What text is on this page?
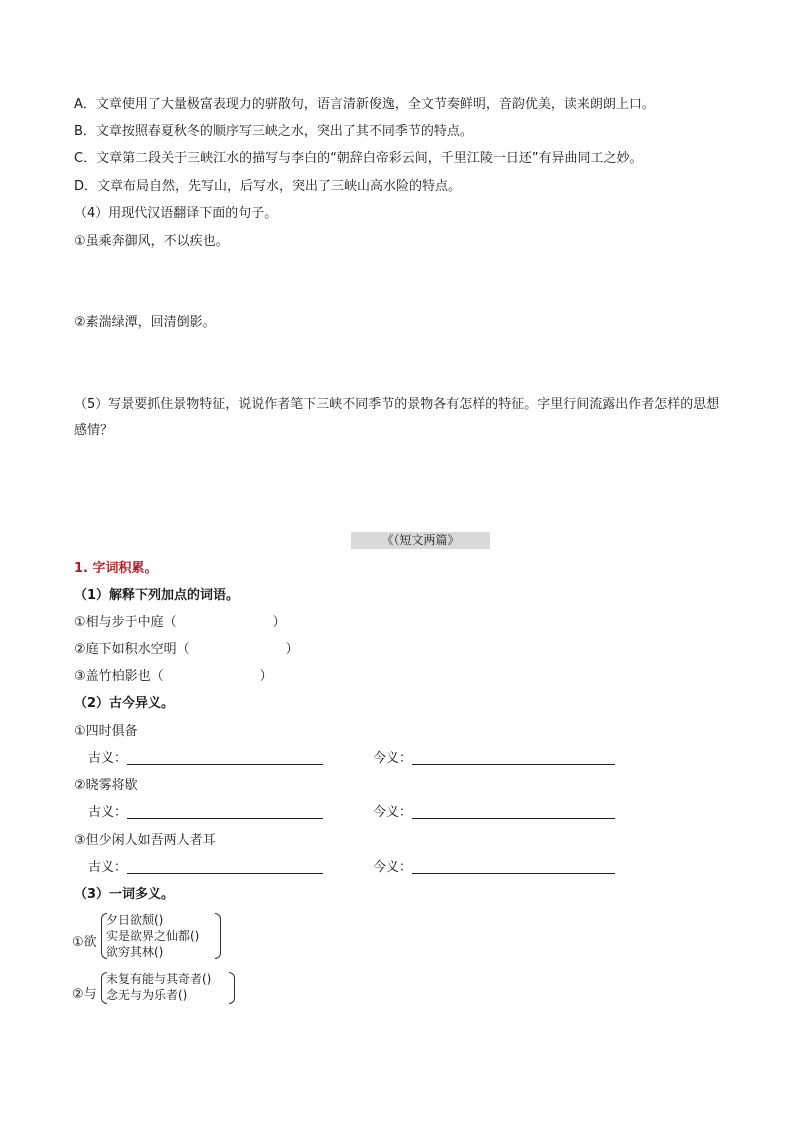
A．文章使用了大量极富表现力的骈散句，语言清新俊逸，全文节奏鲜明，音韵优美，读来朗朗上口。
B．文章按照春夏秋冬的顺序写三峡之水，突出了其不同季节的特点。
C．文章第二段关于三峡江水的描写与李白的“朝辞白帝彩云间，千里江陵一日还”有异曲同工之妙。
D．文章布局自然，先写山，后写水，突出了三峡山高水险的特点。
（4）用现代汉语翻译下面的句子。
①虽乘奔御风，不以疾也。
②素湍绿潭，回清倒影。
（5）写景要抓住景物特征，说说作者笔下三峡不同季节的景物各有怎样的特征。字里行间流露出作者怎样的思想感情？
《（短文两篇》
1. 字词积累。
（1）解释下列加点的词语。
①相与步于中庭（	）
②庭下如积水空明（	）
③盖竹柏影也（	）
（2）古今异义。
①四时俱备
古义：	今义：
②晓雾将歇
古义：	今义：
③但少闲人如吾两人者耳
古义：	今义：
（3）一词多义。
①欲
夕日欲颓()
实是欲界之仙都()
欲穷其林()
②与
未复有能与其奇者()
念无与为乐者()
